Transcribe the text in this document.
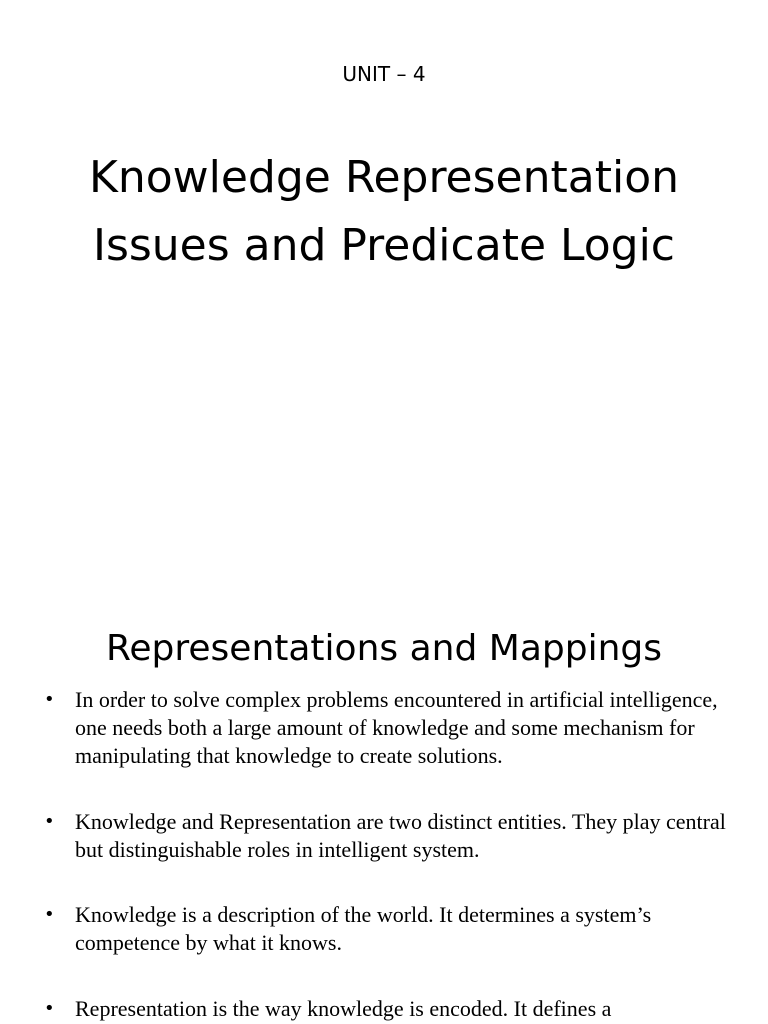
UNIT – 4
Knowledge Representation
Issues and Predicate Logic
Representations and Mappings
• In order to solve complex problems encountered in artificial intelligence, one needs both a large amount of knowledge and some mechanism for manipulating that knowledge to create solutions.
• Knowledge and Representation are two distinct entities. They play central but distinguishable roles in intelligent system.
• Knowledge is a description of the world. It determines a system’s competence by what it knows.
• Representation is the way knowledge is encoded. It defines a
